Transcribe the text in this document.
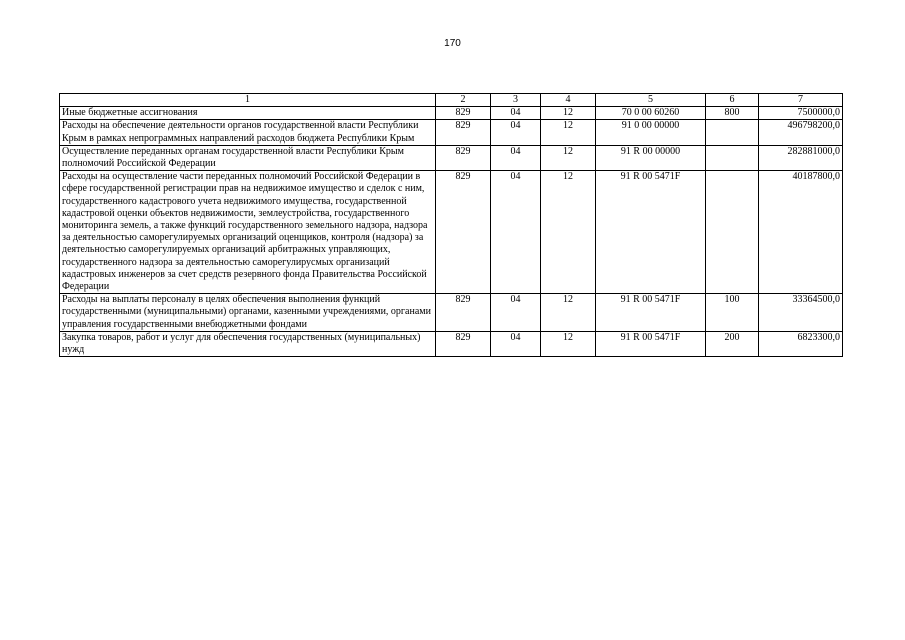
170
1	2	3	4	5	6	7
Иные бюджетные ассигнования	829	04	12	70 0 00 60260	800	7500000,0
Расходы на обеспечение деятельности органов государственной власти Республики Крым в рамках непрограммных направлений расходов бюджета Республики Крым	829	04	12	91 0 00 00000		496798200,0
Осуществление переданных органам государственной власти Республики Крым полномочий Российской Федерации	829	04	12	91 R 00 00000		282881000,0
Расходы на осуществление части переданных полномочий Российской Федерации в сфере государственной регистрации прав на недвижимое имущество и сделок с ним, государственного кадастрового учета недвижимого имущества, государственной кадастровой оценки объектов недвижимости, землеустройства, государственного мониторинга земель, а также функций государственного земельного надзора, надзора за деятельностью саморегулируемых организаций оценщиков, контроля (надзора) за деятельностью саморегулируемых организаций арбитражных управляющих, государственного надзора за деятельностью саморегулирусмых организаций кадастровых инженеров за счет средств резервного фонда Правительства Российской Федерации	829	04	12	91 R 00 5471F		40187800,0
Расходы на выплаты персоналу в целях обеспечения выполнения функций государственными (муниципальными) органами, казенными учреждениями, органами управления государственными внебюджетными фондами	829	04	12	91 R 00 5471F	100	33364500,0
Закупка товаров, работ и услуг для обеспечения государственных (муниципальных) нужд	829	04	12	91 R 00 5471F	200	6823300,0
